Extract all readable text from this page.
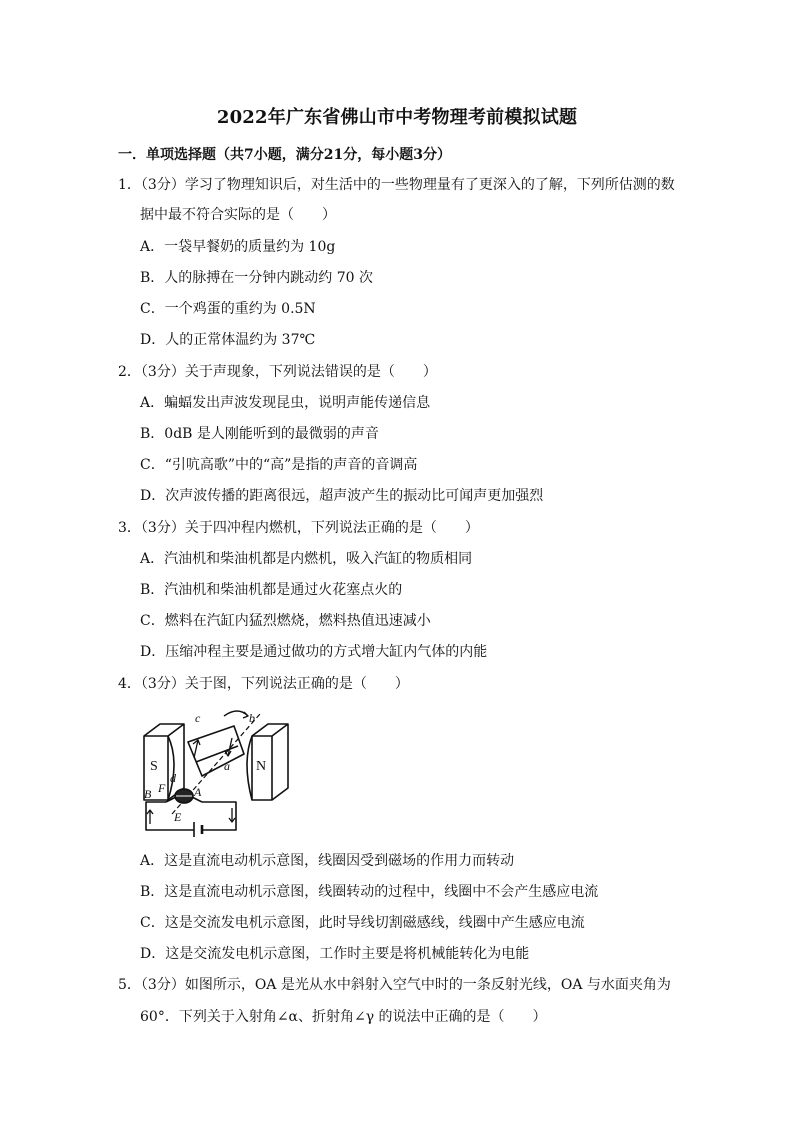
2022年广东省佛山市中考物理考前模拟试题
一．单项选择题（共7小题，满分21分，每小题3分）
1．（3分）学习了物理知识后，对生活中的一些物理量有了更深入的了解，下列所估测的数
据中最不符合实际的是（　　）
A．一袋早餐奶的质量约为 10g
B．人的脉搏在一分钟内跳动约 70 次
C．一个鸡蛋的重约为 0.5N
D．人的正常体温约为 37℃
2．（3分）关于声现象，下列说法错误的是（　　）
A．蝙蝠发出声波发现昆虫，说明声能传递信息
B．0dB 是人刚能听到的最微弱的声音
C．“引吭高歌”中的“高”是指的声音的音调高
D．次声波传播的距离很远，超声波产生的振动比可闻声更加强烈
3．（3分）关于四冲程内燃机，下列说法正确的是（　　）
A．汽油机和柴油机都是内燃机，吸入汽缸的物质相同
B．汽油机和柴油机都是通过火花塞点火的
C．燃料在汽缸内猛烈燃烧，燃料热值迅速减小
D．压缩冲程主要是通过做功的方式增大缸内气体的内能
4．（3分）关于图，下列说法正确的是（　　）
S	N
a
b
c
d
A
B F
E
A．这是直流电动机示意图，线圈因受到磁场的作用力而转动
B．这是直流电动机示意图，线圈转动的过程中，线圈中不会产生感应电流
C．这是交流发电机示意图，此时导线切割磁感线，线圈中产生感应电流
D．这是交流发电机示意图，工作时主要是将机械能转化为电能
5．（3分）如图所示，OA 是光从水中斜射入空气中时的一条反射光线，OA 与水面夹角为
60°．下列关于入射角∠α、折射角∠γ 的说法中正确的是（　　）
